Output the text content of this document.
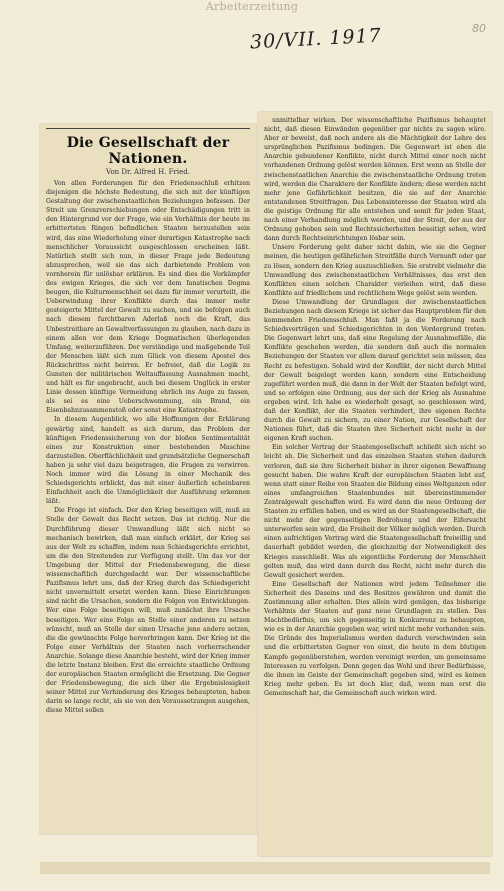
Arbeiterzeitung
80
30/VII. 1917
Die Gesellschaft der Nationen.
Von Dr. Alfred H. Fried.

Von allen Forderungen für den Friedensschluß erhitzen diejenigen die höchste Bedeutung, die sich mit der künftigen Gestaltung der zwischenstaatlichen Beziehungen befassen. Der Streit um Grenzverschiebungen oder Entschädigungen tritt in den Hintergrund vor der Frage, wie ein Verhältnis der heute im erbittertsten Ringen befindlichen Staaten herzustellen sein wird, das eine Wiederholung einer derartigen Katastrophe nach menschlicher Voraussicht ausgeschlossen erscheinen läßt. Natürlich stellt sich nun, in dieser Frage jede Bedeutung abzusprechen, weil sie das sich darbietende Problem von vornherein für unlösbar erklären. Es sind dies die Vorkämpfer des ewigen Krieges, die sich vor dem fanatischen Dogma beugen, die Kulturmenschheit sei dazu für immer verurteilt, die Ueberwindung ihrer Konflikte durch das immer mehr gesteigerte Mittel der Gewalt zu suchen, und sie befolgen auch nach diesem furchtbaren Aderlaß noch die Kraft, das Unbestreitbare an Gewaltverfassungen zu glauben, nach dazu in einem allen vor dem Kriege Dogmatischen überlegenden Umfang, weiterzuführen. Der verständige und maßgebende Teil der Menschen läßt sich zum Glück von diesem Apostel des Rückschrittes nicht beirren. Er befreiet, daß die Logik zu Gunsten der militärischen Weltauffassung Ausnahmen macht, und hält es für angebracht, auch bei diesem Unglück in erster Linie dessen künftige Vermeidung ehrlich ins Auge zu fassen, als sei es eine Ueberschwemmung, ein Brand, ein Eisenbahnzusammenstoß oder sonst eine Katastrophe.

In diesem Augenblick, wo alle Hoffnungen der Erklärung gewärtig sind, handelt es sich darum, das Problem der künftigen Friedenssicherung von der bloßen Sentimentalität eines zur Konstruktion einer bestehenden Maschine darzustellen. Oberflächlichkeit und grundsätzliche Gegnerschaft haben ja sehr viel dazu beigetragen, die Fragen zu verwirren. Noch immer wird die Lösung in einer Mechanik des Schiedsgerichts erblickt, das mit einer äußerlich scheinbaren Einfachheit auch die Unmöglichkeit der Ausführung erkennen läßt.

Die Frage ist einfach. Der den Krieg beseitigen will, muß an Stelle der Gewalt das Recht setzen. Das ist richtig. Nur die Durchführung dieser Umwandlung läßt sich nicht so mechanisch bewirken, daß man einfach erklärt, der Krieg sei aus der Welt zu schaffen, indem man Schiedsgerichte errichtet, um die den Streitenden zur Verfügung stellt. Um das vor der Umgebung der Mittel der Friedensbewegung, die diese wissenschaftlich durchgedacht war. Der wissenschaftliche Pazifismus lehrt uns, daß der Krieg durch das Schiedsgericht nicht unvermittelt ersetzt werden kann. Diese Einrichtungen sind nicht die Ursachen, sondern die Folgen von Entwicklungen. Wer eine Folge beseitigen will, muß zunächst ihre Ursache beseitigen. Wer eine Folge an Stelle einer anderen zu setzen wünscht, muß an Stelle der einen Ursache jene andere setzen, die die gewünschte Folge hervorbringen kann. Der Krieg ist die Folge einer Verhältnis der Staaten nach vorherrschender Anarchie. Solange diese Anarchie besteht, wird der Krieg immer die letzte Instanz bleiben. Erst die erreichte staatliche Ordnung der europäischen Staaten ermöglicht die Ersetzung. Die Gegner der Friedensbewegung, die sich über die Ergebnislosigkeit seiner Mittel zur Verhinderung des Krieges behaupteten, haben darin so lange recht, als sie von den Voraussetzungen ausgehen, diese Mittel sollen

unmittelbar wirken. Der wissenschaftliche Pazifismus behauptet nicht, daß diesen Einwänden gegenüber gar nichts zu sagen wäre. Aber er beweist, daß noch andere als die Mächtigkeit der Lehre des ursprünglichen Pazifismus bedingen. Die Gegenwart ist eben die Anarchie gebundener Konflikte, nicht durch Mittel einer noch nicht vorhandenen Ordnung gelöst werden können. Erst wenn an Stelle der zwischenstaatlichen Anarchie die zwischenstaatliche Ordnung treten wird, werden die Charaktere der Konflikte ändern; diese werden nicht mehr jene Gefährlichkeit besitzen, die sie auf der Anarchie entstandenen Streitfragen. Das Lebensinteresse der Staaten wird als die geistige Ordnung für alle entstehen und somit für jeden Staat, nach einer Verhandlung möglich werden, und der Streit, der aus der Ordnung gehoben sein und Rechtssicherheiten beseitigt sehen, wird dann durch Rechtseinrichtungen lösbar sein.

Unsere Forderung geht daher nicht dahin, wie sie die Gegner meinen, die heutigen gefährlichen Streitfälle durch Vernunft oder gar zu lösen, sondern den Krieg auszuschließen. Sie erstrebt vielmehr die Umwandlung des zwischenstaatlichen Verhältnisses, das erst den Konflikten einen solchen Charakter verleihen wird, daß diese Konflikte auf friedlichem und rechtlichem Wege gelöst sein werden.

Diese Umwandlung der Grundlagen der zwischenstaatlichen Beziehungen nach diesem Kriege ist sicher das Hauptproblem für den kommenden Friedensschluß. Man faßt ja die Forderung nach Schiedsverträgen und Schiedsgerichten in den Vordergrund treten. Die Gegenwart lehrt uns, daß eine Regelung der Ausnahmefälle, die Konflikte geschehen werden, die sondern daß auch die normalen Beziehungen der Staaten vor allem darauf gerichtet sein müssen, das Recht zu befestigen. Sobald wird der Konflikt, der nicht durch Mittel der Gewalt beigelegt werden kann, sondern eine Entscheidung zugeführt werden muß, die dann in der Welt der Staaten befolgt wird, und so erfolgen eine Ordnung, aus der sich der Krieg als Ausnahme ergeben wird. Ich habe es wiederholt gesagt, so geschlossen wird, daß der Konflikt, der die Staaten verhindert, ihre eigenen Rechte durch die Gewalt zu sichern, zu einer Nation, zur Gesellschaft der Nationen führt, daß die Staaten ihre Sicherheit nicht mehr in der eigenen Kraft suchen.

Ein solcher Vertrag der Staatengesellschaft schließt sich nicht so leicht ab. Die Sicherheit und das einzelnen Staaten stehen dadurch verloren, daß sie ihre Sicherheit bisher in ihrer eigenen Bewaffnung gesucht haben. Die wahre Kraft der europäischen Staaten lebt auf, wenn statt einer Reihe von Staaten die Bildung eines Weltganzen oder eines umfangreichen Staatenbundes mit übereinstimmender Zentralgewalt geschaffen wird. Es wird dann die neue Ordnung der Staaten zu erfüllen haben, und es wird an der Staatengesellschaft, die nicht mehr der gegenseitigen Bedrohung und der Eifersucht unterworfen sein wird, die Freiheit der Völker möglich werden. Durch einen aufrichtigen Vertrag wird die Staatengesellschaft freiwillig und dauerhaft gebildet werden, die gleichzeitig der Notwendigkeit des Krieges ausschließt. Was als eigentliche Forderung der Menschheit gelten muß, das wird dann durch das Recht, nicht mehr durch die Gewalt gesichert werden.

Eine Gesellschaft der Nationen wird jedem Teilnehmer die Sicherheit des Daseins und des Besitzes gewähren und damit die Zustimmung aller erhalten. Dies allein wird genügen, das bisherige Verhältnis der Staaten auf ganz neue Grundlagen zu stellen. Das Machtbedürfnis, um sich gegenseitig in Konkurrenz zu behaupten, wie es in der Anarchie gegeben war, wird nicht mehr vorhanden sein. Die Gründe des Imperialismus werden dadurch verschwinden sein und die erbittertsten Gegner von einst, die heute in dem blutigen Kampfe gegenüberstehen, werden vereinigt werden, um gemeinsame Interessen zu verfolgen. Denn gegen das Wohl und ihrer Bedürfnisse, die ihnen im Geiste der Gemeinschaft gegeben sind, wird es keinen Krieg mehr geben. Es ist doch klar, daß, wenn man erst die Gemeinschaft hat, die Gemeinschaft auch wirken wird.
